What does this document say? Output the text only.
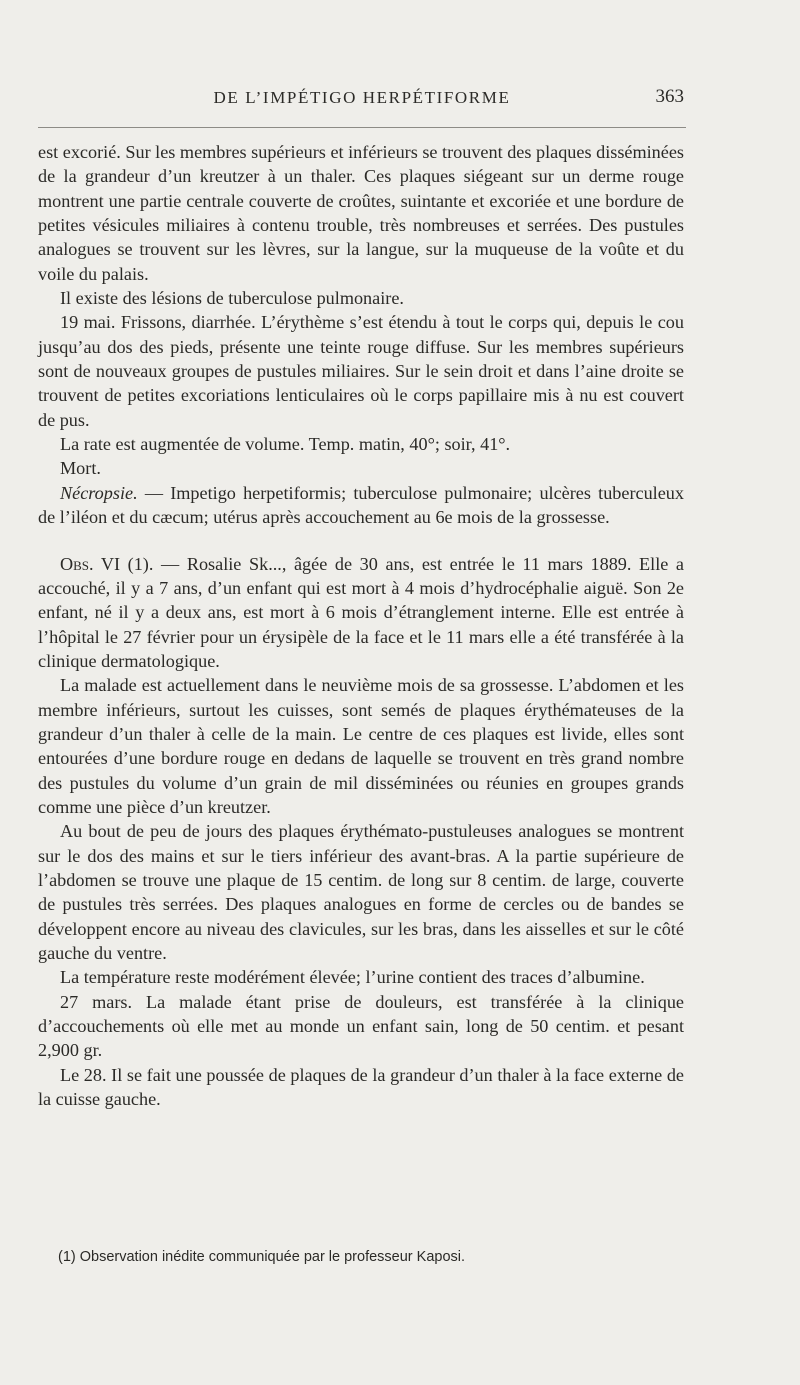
DE L’IMPÉTIGO HERPÉTIFORME	363

est excorié. Sur les membres supérieurs et inférieurs se trouvent des plaques disséminées de la grandeur d’un kreutzer à un thaler. Ces plaques siégeant sur un derme rouge montrent une partie centrale couverte de croûtes, suintante et excoriée et une bordure de petites vésicules miliaires à contenu trouble, très nombreuses et serrées. Des pustules analogues se trouvent sur les lèvres, sur la langue, sur la muqueuse de la voûte et du voile du palais.

Il existe des lésions de tuberculose pulmonaire.

19 mai. Frissons, diarrhée. L’érythème s’est étendu à tout le corps qui, depuis le cou jusqu’au dos des pieds, présente une teinte rouge diffuse. Sur les membres supérieurs sont de nouveaux groupes de pustules miliaires. Sur le sein droit et dans l’aine droite se trouvent de petites excoriations lenticulaires où le corps papillaire mis à nu est couvert de pus.

La rate est augmentée de volume. Temp. matin, 40°; soir, 41°.

Mort.

Nécropsie. — Impetigo herpetiformis; tuberculose pulmonaire; ulcères tuberculeux de l’iléon et du cæcum; utérus après accouchement au 6e mois de la grossesse.

Obs. VI (1). — Rosalie Sk..., âgée de 30 ans, est entrée le 11 mars 1889. Elle a accouché, il y a 7 ans, d’un enfant qui est mort à 4 mois d’hydrocéphalie aiguë. Son 2e enfant, né il y a deux ans, est mort à 6 mois d’étranglement interne. Elle est entrée à l’hôpital le 27 février pour un érysipèle de la face et le 11 mars elle a été transférée à la clinique dermatologique.

La malade est actuellement dans le neuvième mois de sa grossesse. L’abdomen et les membre inférieurs, surtout les cuisses, sont semés de plaques érythémateuses de la grandeur d’un thaler à celle de la main. Le centre de ces plaques est livide, elles sont entourées d’une bordure rouge en dedans de laquelle se trouvent en très grand nombre des pustules du volume d’un grain de mil disséminées ou réunies en groupes grands comme une pièce d’un kreutzer.

Au bout de peu de jours des plaques érythémato-pustuleuses analogues se montrent sur le dos des mains et sur le tiers inférieur des avant-bras. A la partie supérieure de l’abdomen se trouve une plaque de 15 centim. de long sur 8 centim. de large, couverte de pustules très serrées. Des plaques analogues en forme de cercles ou de bandes se développent encore au niveau des clavicules, sur les bras, dans les aisselles et sur le côté gauche du ventre.

La température reste modérément élevée; l’urine contient des traces d’albumine.

27 mars. La malade étant prise de douleurs, est transférée à la clinique d’accouchements où elle met au monde un enfant sain, long de 50 centim. et pesant 2,900 gr.

Le 28. Il se fait une poussée de plaques de la grandeur d’un thaler à la face externe de la cuisse gauche.

(1) Observation inédite communiquée par le professeur Kaposi.
